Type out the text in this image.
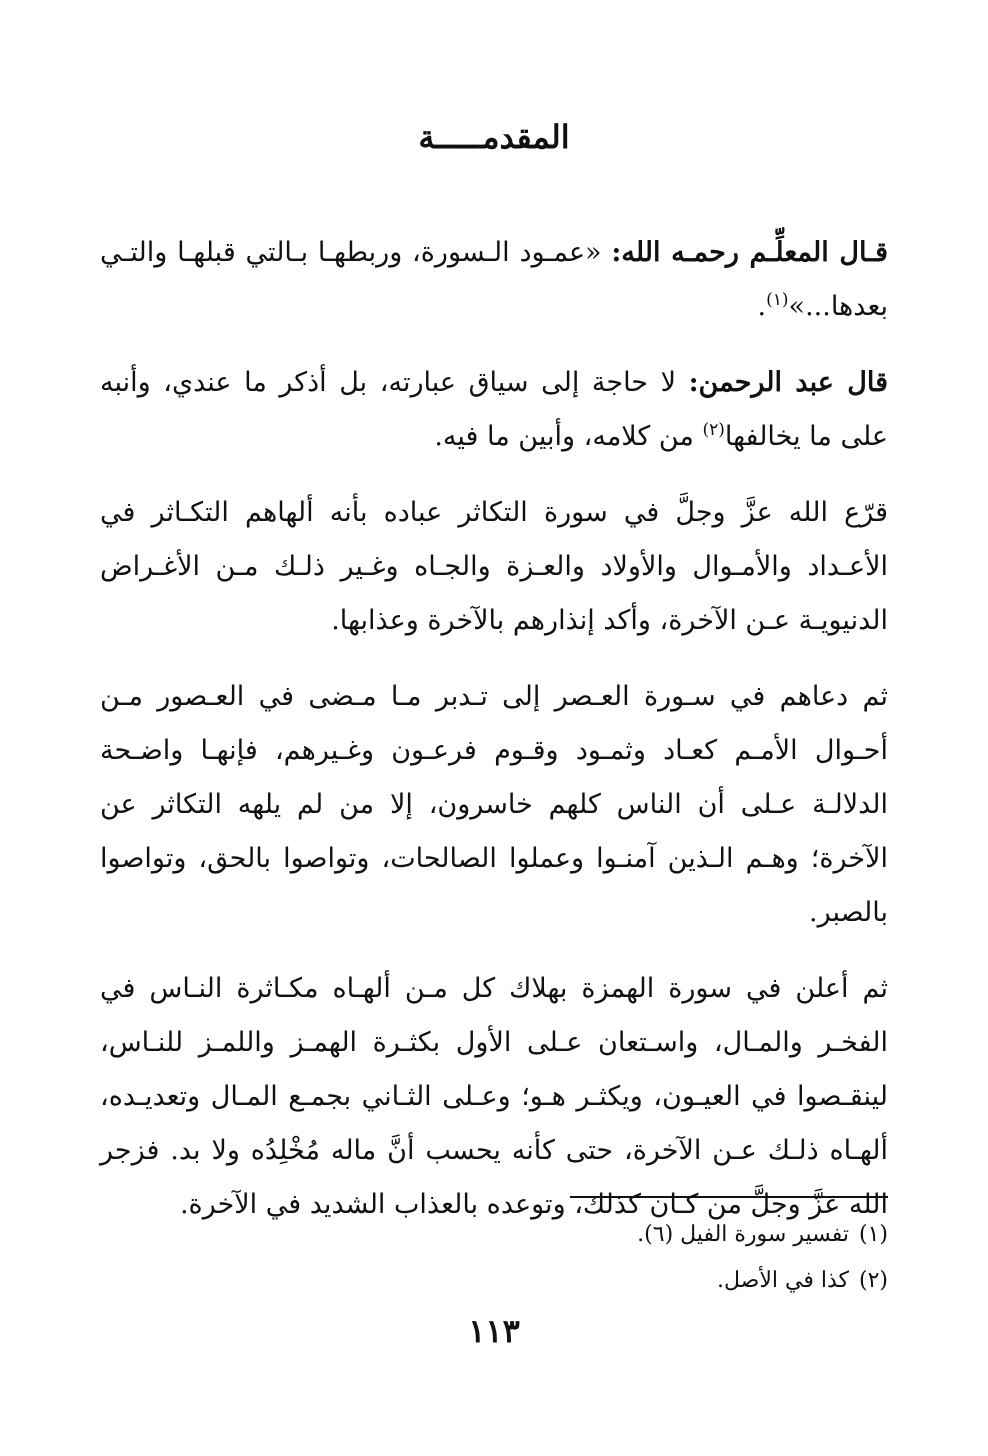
المقدمـــــة

قـال المعلِّـم رحمـه الله: «عمـود الـسورة، وربطهـا بـالتي قبلهـا والتـي بعدها...»$^{(١)}$.

قال عبد الرحمن: لا حاجة إلى سياق عبارته، بل أذكر ما عندي، وأنبه على ما يخالفها$^{(٢)}$ من كلامه، وأبين ما فيه.

قرّع الله عزَّ وجلَّ في سورة التكاثر عباده بأنه ألهاهم التكـاثر في الأعـداد والأمـوال والأولاد والعـزة والجـاه وغـير ذلـك مـن الأغـراض الدنيويـة عـن الآخرة، وأكد إنذارهم بالآخرة وعذابها.

ثم دعاهم في سـورة العـصر إلى تـدبر مـا مـضى في العـصور مـن أحـوال الأمـم كعـاد وثمـود وقـوم فرعـون وغـيرهم، فإنهـا واضـحة الدلالـة عـلى أن الناس كلهم خاسرون، إلا من لم يلهه التكاثر عن الآخرة؛ وهـم الـذين آمنـوا وعملوا الصالحات، وتواصوا بالحق، وتواصوا بالصبر.

ثم أعلن في سورة الهمزة بهلاك كل مـن ألهـاه مكـاثرة النـاس في الفخـر والمـال، واسـتعان عـلى الأول بكثـرة الهمـز واللمـز للنـاس، لينقـصوا في العيـون، ويكثـر هـو؛ وعـلى الثـاني بجمـع المـال وتعديـده، ألهـاه ذلـك عـن الآخرة، حتى كأنه يحسب أنَّ ماله مُخْلِدُه ولا بد. فزجر الله عزَّ وجلَّ من كـان كذلك، وتوعده بالعذاب الشديد في الآخرة.

(١)تفسير سورة الفيل (٦).

(٢)كذا في الأصل.

١١٣
